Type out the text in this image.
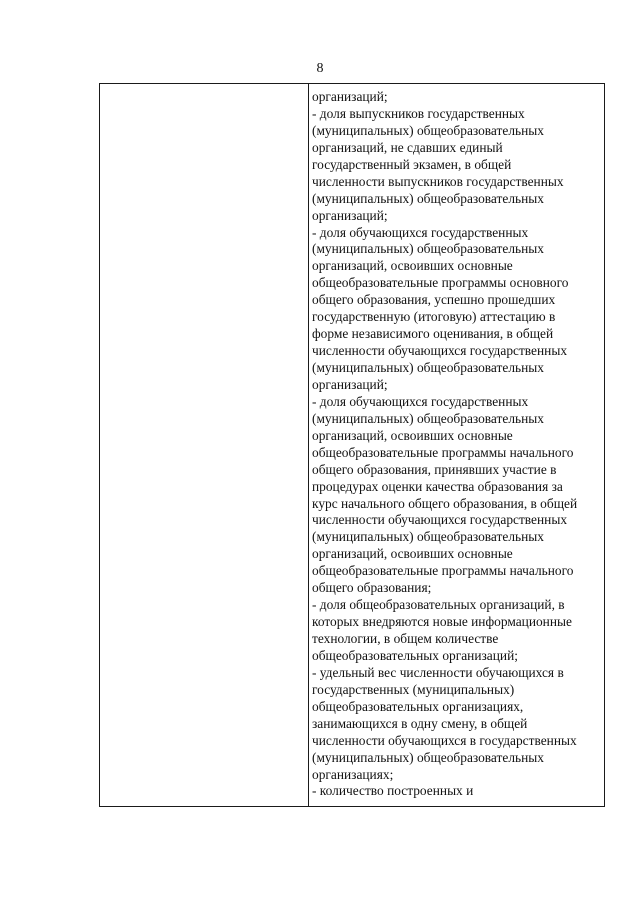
8
организаций;
- доля выпускников государственных
(муниципальных) общеобразовательных
организаций, не сдавших единый
государственный экзамен, в общей
численности выпускников государственных
(муниципальных) общеобразовательных
организаций;
- доля обучающихся государственных
(муниципальных) общеобразовательных
организаций, освоивших основные
общеобразовательные программы основного
общего образования, успешно прошедших
государственную (итоговую) аттестацию в
форме независимого оценивания, в общей
численности обучающихся государственных
(муниципальных) общеобразовательных
организаций;
- доля обучающихся государственных
(муниципальных) общеобразовательных
организаций, освоивших основные
общеобразовательные программы начального
общего образования, принявших участие в
процедурах оценки качества образования за
курс начального общего образования, в общей
численности обучающихся государственных
(муниципальных) общеобразовательных
организаций, освоивших основные
общеобразовательные программы начального
общего образования;
- доля общеобразовательных организаций, в
которых внедряются новые информационные
технологии, в общем количестве
общеобразовательных организаций;
- удельный вес численности обучающихся в
государственных (муниципальных)
общеобразовательных организациях,
занимающихся в одну смену, в общей
численности обучающихся в государственных
(муниципальных) общеобразовательных
организациях;
- количество построенных и
